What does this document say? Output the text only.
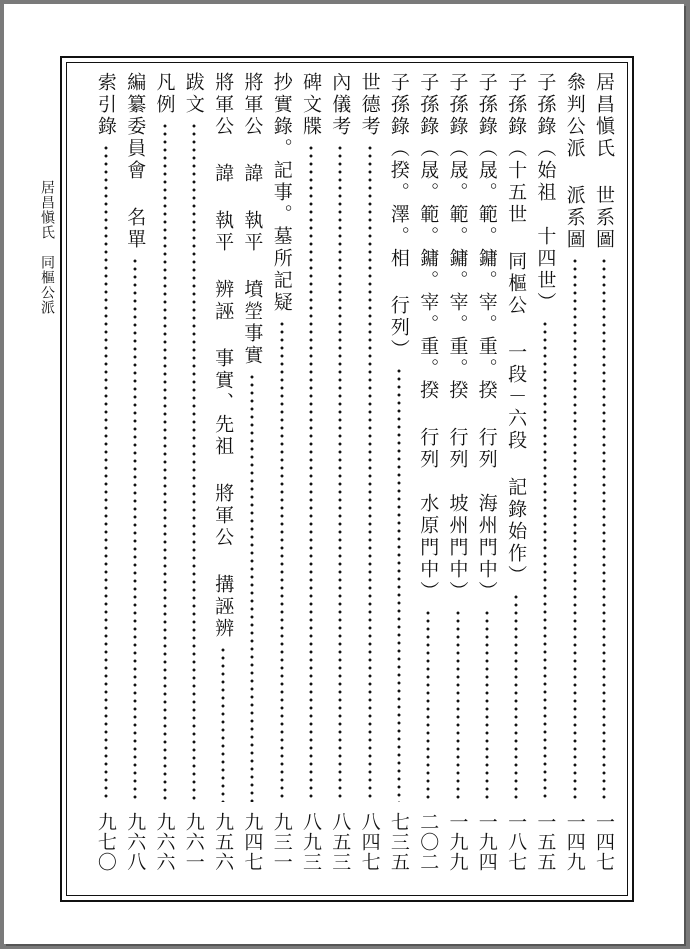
居昌愼氏　同樞公派	居昌愼氏 世系圖
一四七
叅判公派 派系圖
一四九
子孫錄（始祖　十四世）
一五五
子孫錄（十五世 同樞公 一段－六段 記錄始作）
一八七
子孫錄（晟。範。鏞。宰。重。揆 行列　海州門中）
一九四
子孫錄（晟。範。鏞。宰。重。揆 行列　坡州門中）
一九九
子孫錄（晟。範。鏞。宰。重。揆 行列　水原門中）
二〇二
子孫錄（揆。澤。相 行列）
七三五
世德考
八四七
內儀考
八五三
碑文牒
八九三
抄實錄。記事。墓所記疑
九三一
將軍公 諱 執平 墳塋事實
九四七
將軍公 諱 執平 辨誣 事實、先祖 將軍公 搆誣辨
九五六
跋文
九六一
凡例
九六六
編纂委員會 名單
九六八
索引錄
九七〇
